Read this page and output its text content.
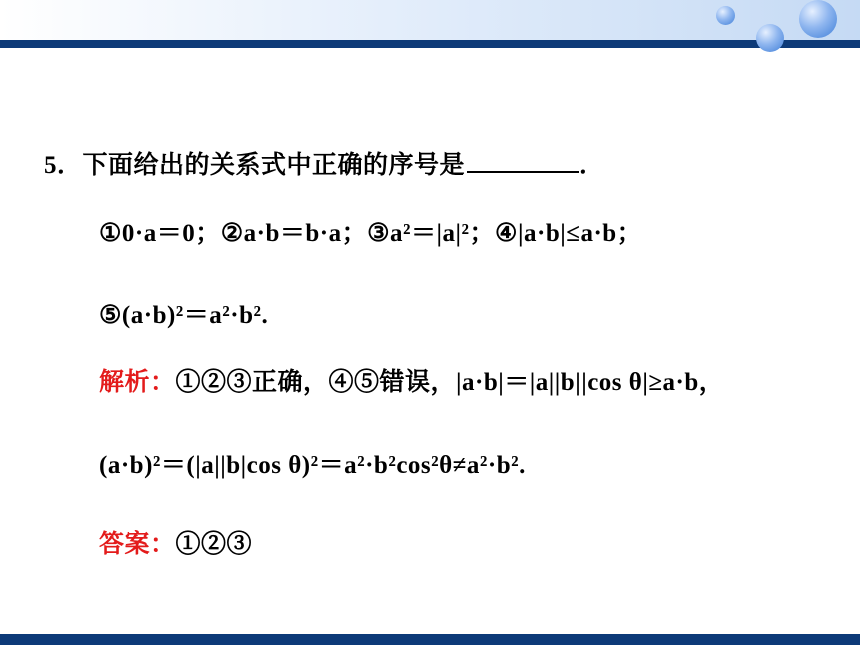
5．下面给出的关系式中正确的序号是	．
①0·a＝0；②a·b＝b·a；③a²＝|a|²；④|a·b|≤a·b；
⑤(a·b)²＝a²·b².
解析：①②③正确，④⑤错误，|a·b|＝|a||b||cos θ|≥a·b，
(a·b)²＝(|a||b|cos θ)²＝a²·b²cos²θ≠a²·b².
答案：①②③
